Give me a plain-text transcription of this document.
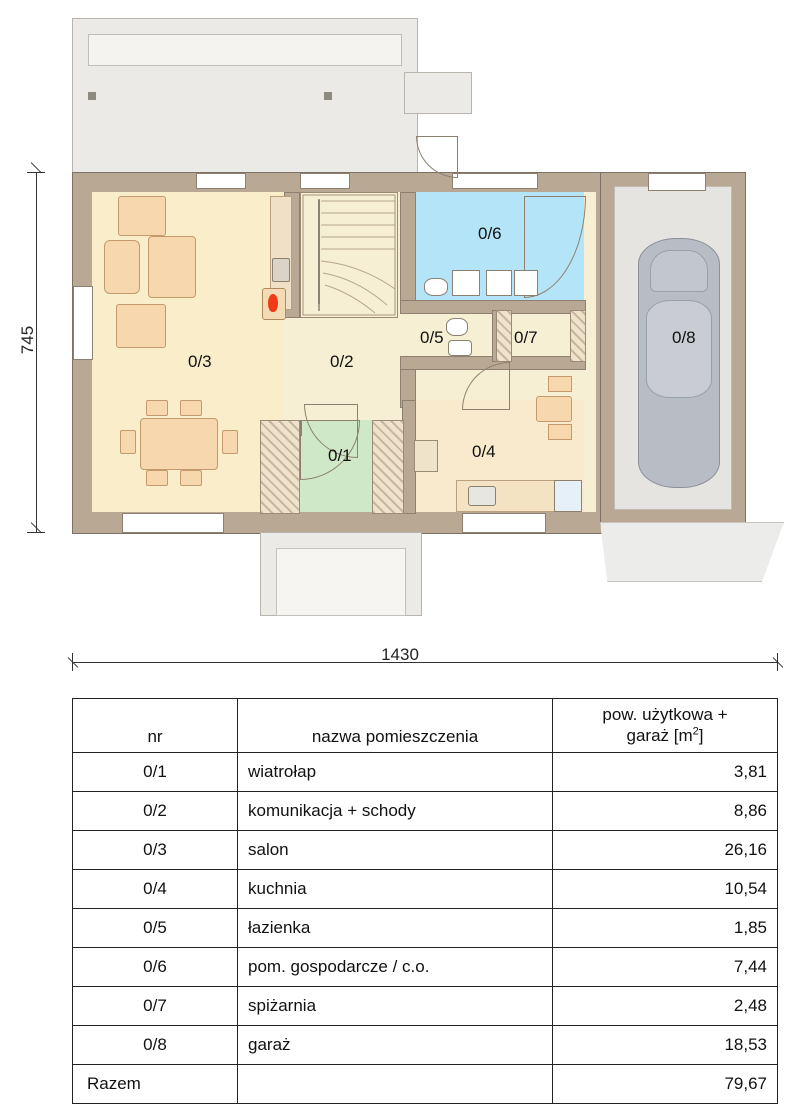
745
1430
0/3	0/2
0/1	0/4
0/5
0/6
0/7	0/8
nr	nazwa pomieszczenia	pow. użytkowa +
garaż $[m^2]$
0/1	wiatrołap	3,81
0/2	komunikacja + schody	8,86
0/3	salon	26,16
0/4	kuchnia	10,54
0/5	łazienka	1,85
0/6	pom. gospodarcze / c.o.	7,44
0/7	spiżarnia	2,48
0/8	garaż	18,53
Razem		79,67
